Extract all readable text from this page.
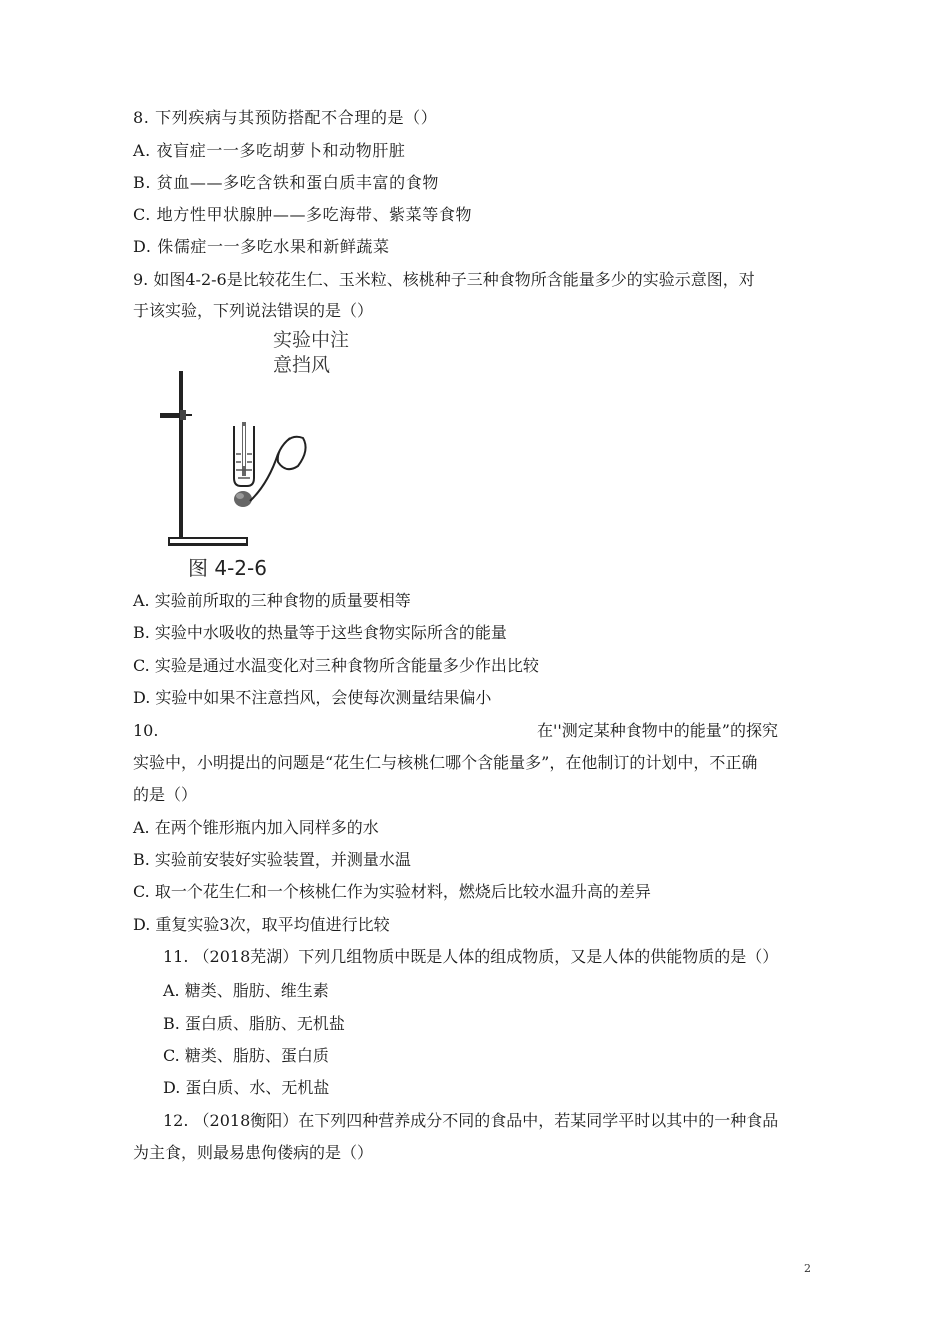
8. 下列疾病与其预防搭配不合理的是（）
A. 夜盲症一一多吃胡萝卜和动物肝脏
B. 贫血——多吃含铁和蛋白质丰富的食物
C. 地方性甲状腺肿——多吃海带、紫菜等食物
D. 侏儒症一一多吃水果和新鲜蔬菜
9. 如图4-2-6是比较花生仁、玉米粒、核桃种子三种食物所含能量多少的实验示意图，对
于该实验，下列说法错误的是（）
实验中注
意挡风
图 4-2-6
A. 实验前所取的三种食物的质量要相等
B. 实验中水吸收的热量等于这些食物实际所含的能量
C. 实验是通过水温变化对三种食物所含能量多少作出比较
D. 实验中如果不注意挡风，会使每次测量结果偏小
10.	在''测定某种食物中的能量”的探究
实验中，小明提出的问题是“花生仁与核桃仁哪个含能量多”，在他制订的计划中，不正确
的是（）
A. 在两个锥形瓶内加入同样多的水
B. 实验前安装好实验装置，并测量水温
C. 取一个花生仁和一个核桃仁作为实验材料，燃烧后比较水温升高的差异
D. 重复实验3次，取平均值进行比较
11. （2018芜湖）下列几组物质中既是人体的组成物质，又是人体的供能物质的是（）
A. 糖类、脂肪、维生素
B. 蛋白质、脂肪、无机盐
C. 糖类、脂肪、蛋白质
D. 蛋白质、水、无机盐
12. （2018衡阳）在下列四种营养成分不同的食品中，若某同学平时以其中的一种食品
为主食，则最易患佝偻病的是（）
2
